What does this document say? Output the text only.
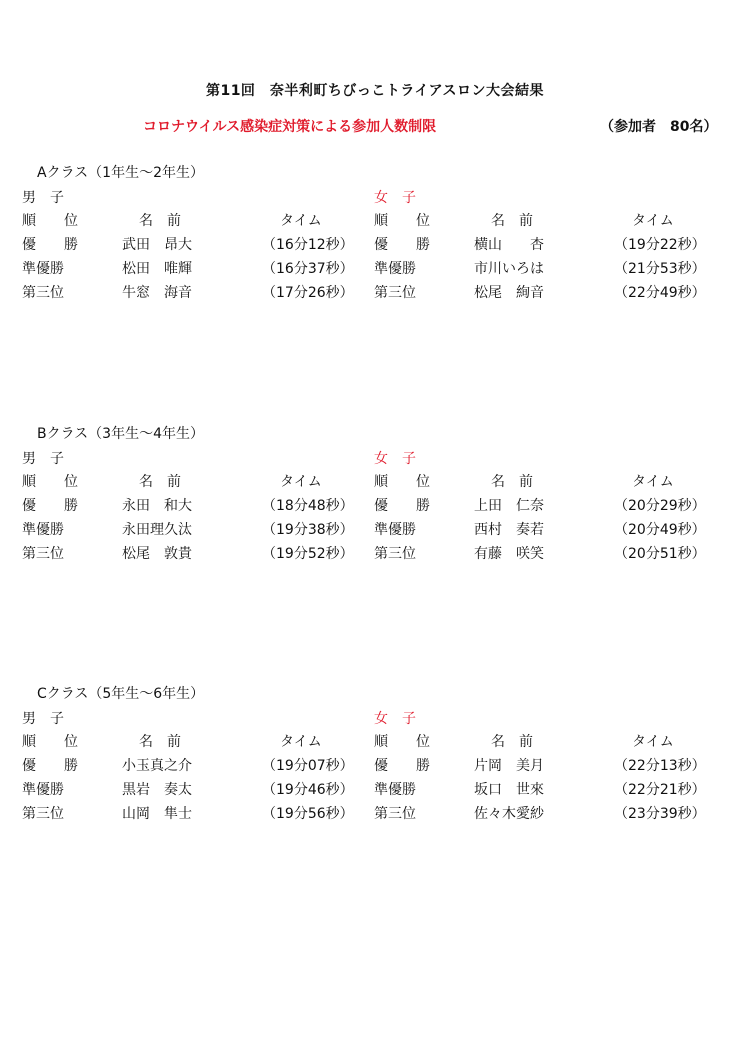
第11回　奈半利町ちびっこトライアスロン大会結果
コロナウイルス感染症対策による参加人数制限	（参加者　80名）
Aクラス（1年生～2年生）
男　子	女　子
順　　位	名　前	タイム	順　　位	名　前	タイム
優　　勝	武田　昂大	（16分12秒） 優　　勝	横山　　杏	（19分22秒）
準優勝	松田　唯輝	（16分37秒） 準優勝	市川いろは	（21分53秒）
第三位	牛窓　海音	（17分26秒） 第三位	松尾　絢音	（22分49秒）
Bクラス（3年生～4年生）
男　子	女　子
順　　位	名　前	タイム	順　　位	名　前	タイム
優　　勝	永田　和大	（18分48秒） 優　　勝	上田　仁奈	（20分29秒）
準優勝	永田理久汰	（19分38秒） 準優勝	西村　奏若	（20分49秒）
第三位	松尾　敦貴	（19分52秒） 第三位	有藤　咲笑	（20分51秒）
Cクラス（5年生～6年生）
男　子	女　子
順　　位	名　前	タイム	順　　位	名　前	タイム
優　　勝	小玉真之介	（19分07秒） 優　　勝	片岡　美月	（22分13秒）
準優勝	黒岩　奏太	（19分46秒） 準優勝	坂口　世來	（22分21秒）
第三位	山岡　隼士	（19分56秒） 第三位	佐々木愛紗	（23分39秒）
